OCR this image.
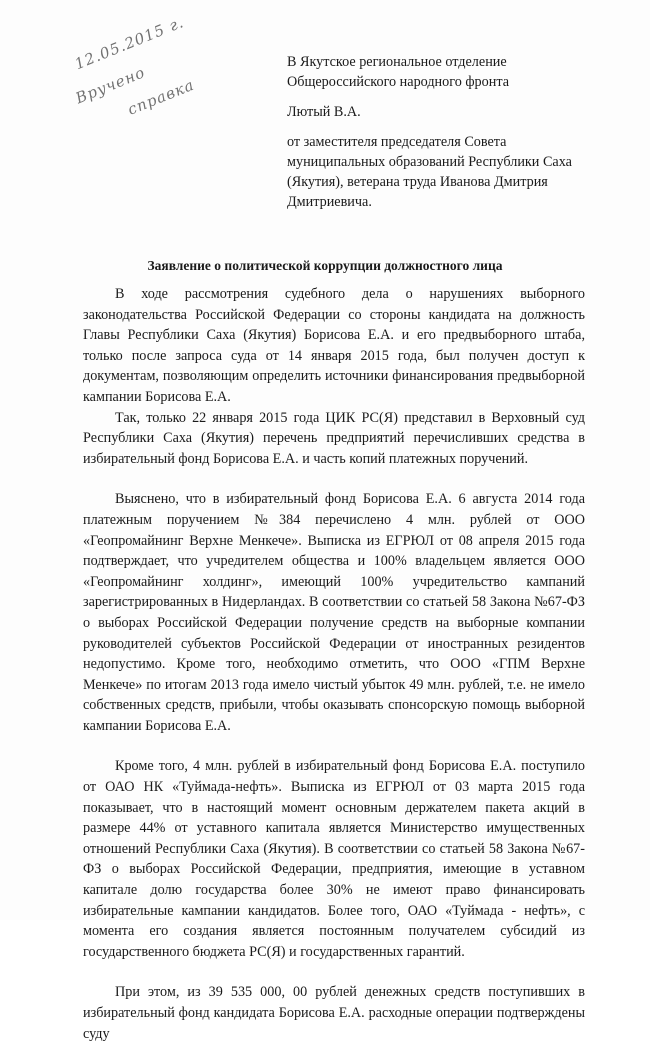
12.05.2015 г.
Вручено
справка

В Якутское региональное отделение
Общероссийского народного фронта

Лютый В.А.

от заместителя председателя Совета
муниципальных образований Республики Саха
(Якутия), ветерана труда Иванова Дмитрия
Дмитриевича.

Заявление о политической коррупции должностного лица

В ходе рассмотрения судебного дела о нарушениях выборного законодательства Российской Федерации со стороны кандидата на должность Главы Республики Саха (Якутия) Борисова Е.А. и его предвыборного штаба, только после запроса суда от 14 января 2015 года, был получен доступ к документам, позволяющим определить источники финансирования предвыборной кампании Борисова Е.А.

Так, только 22 января 2015 года ЦИК РС(Я) представил в Верховный суд Республики Саха (Якутия) перечень предприятий перечисливших средства в избирательный фонд Борисова Е.А. и часть копий платежных поручений.

Выяснено, что в избирательный фонд Борисова Е.А. 6 августа 2014 года платежным поручением №384 перечислено 4 млн. рублей от ООО «Геопромайнинг Верхне Менкече». Выписка из ЕГРЮЛ от 08 апреля 2015 года подтверждает, что учредителем общества и 100% владельцем является ООО «Геопромайнинг холдинг», имеющий 100% учредительство кампаний зарегистрированных в Нидерландах. В соответствии со статьей 58 Закона №67-ФЗ о выборах Российской Федерации получение средств на выборные компании руководителей субъектов Российской Федерации от иностранных резидентов недопустимо. Кроме того, необходимо отметить, что ООО «ГПМ Верхне Менкече» по итогам 2013 года имело чистый убыток 49 млн. рублей, т.е. не имело собственных средств, прибыли, чтобы оказывать спонсорскую помощь выборной кампании Борисова Е.А.

Кроме того, 4 млн. рублей в избирательный фонд Борисова Е.А. поступило от ОАО НК «Туймада-нефть». Выписка из ЕГРЮЛ от 03 марта 2015 года показывает, что в настоящий момент основным держателем пакета акций в размере 44% от уставного капитала является Министерство имущественных отношений Республики Саха (Якутия). В соответствии со статьей 58 Закона №67-ФЗ о выборах Российской Федерации, предприятия, имеющие в уставном капитале долю государства более 30% не имеют право финансировать избирательные кампании кандидатов. Более того, ОАО «Туймада - нефть», с момента его создания является постоянным получателем субсидий из государственного бюджета РС(Я) и государственных гарантий.

При этом, из 39 535 000, 00 рублей денежных средств поступивших в избирательный фонд кандидата Борисова Е.А. расходные операции подтверждены суду
